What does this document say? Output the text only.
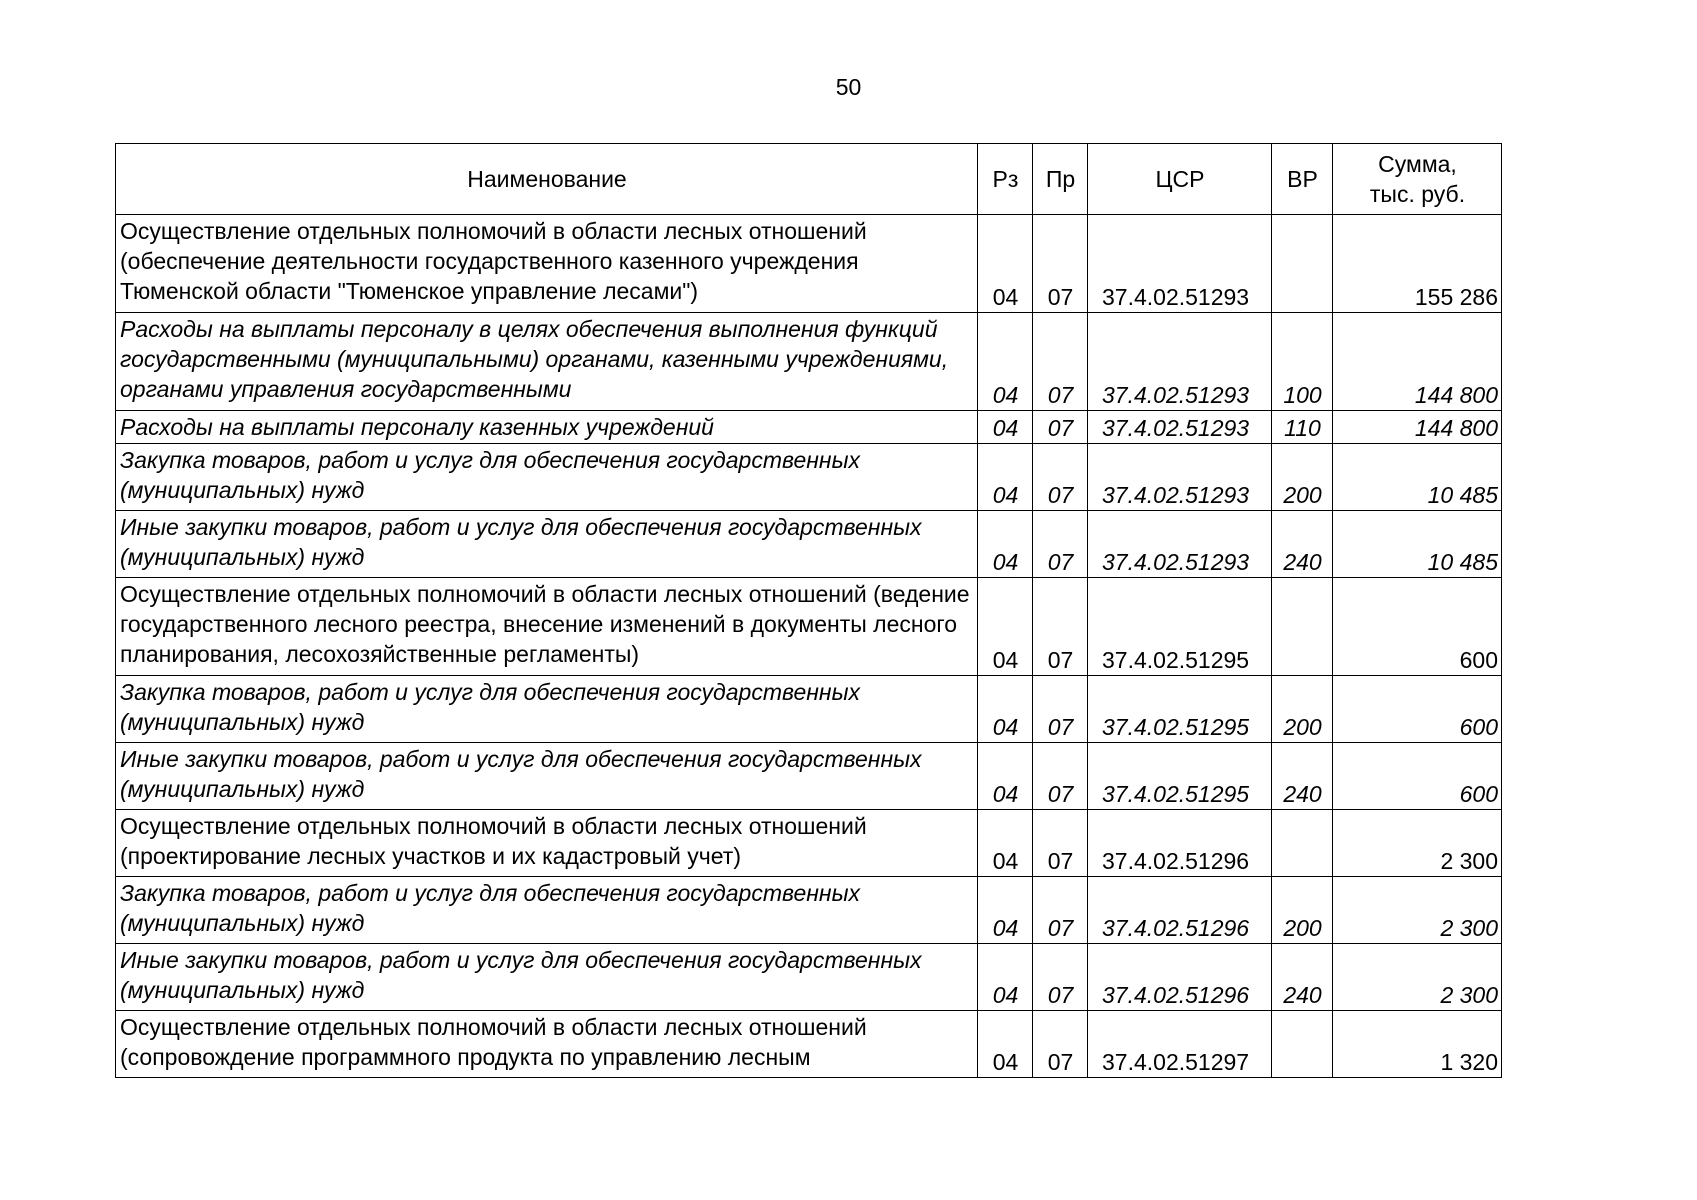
50
Наименование	Рз	Пр	ЦСР	ВР	Сумма,
тыс. руб.

Осуществление отдельных полномочий в области лесных отношений (обеспечение деятельности государственного казенного учреждения Тюменской области "Тюменское управление лесами")	04	07	37.4.02.51293		155 286
Расходы на выплаты персоналу в целях обеспечения выполнения функций государственными (муниципальными) органами, казенными учреждениями, органами управления государственными	04	07	37.4.02.51293	100	144 800
Расходы на выплаты персоналу казенных учреждений	04	07	37.4.02.51293	110	144 800
Закупка товаров, работ и услуг для обеспечения государственных (муниципальных) нужд	04	07	37.4.02.51293	200	10 485
Иные закупки товаров, работ и услуг для обеспечения государственных (муниципальных) нужд	04	07	37.4.02.51293	240	10 485
Осуществление отдельных полномочий в области лесных отношений (ведение государственного лесного реестра, внесение изменений в документы лесного планирования, лесохозяйственные регламенты)	04	07	37.4.02.51295		600
Закупка товаров, работ и услуг для обеспечения государственных (муниципальных) нужд	04	07	37.4.02.51295	200	600
Иные закупки товаров, работ и услуг для обеспечения государственных (муниципальных) нужд	04	07	37.4.02.51295	240	600
Осуществление отдельных полномочий в области лесных отношений (проектирование лесных участков и их кадастровый учет)	04	07	37.4.02.51296		2 300
Закупка товаров, работ и услуг для обеспечения государственных (муниципальных) нужд	04	07	37.4.02.51296	200	2 300
Иные закупки товаров, работ и услуг для обеспечения государственных (муниципальных) нужд	04	07	37.4.02.51296	240	2 300
Осуществление отдельных полномочий в области лесных отношений (сопровождение программного продукта по управлению лесным	04	07	37.4.02.51297		1 320
